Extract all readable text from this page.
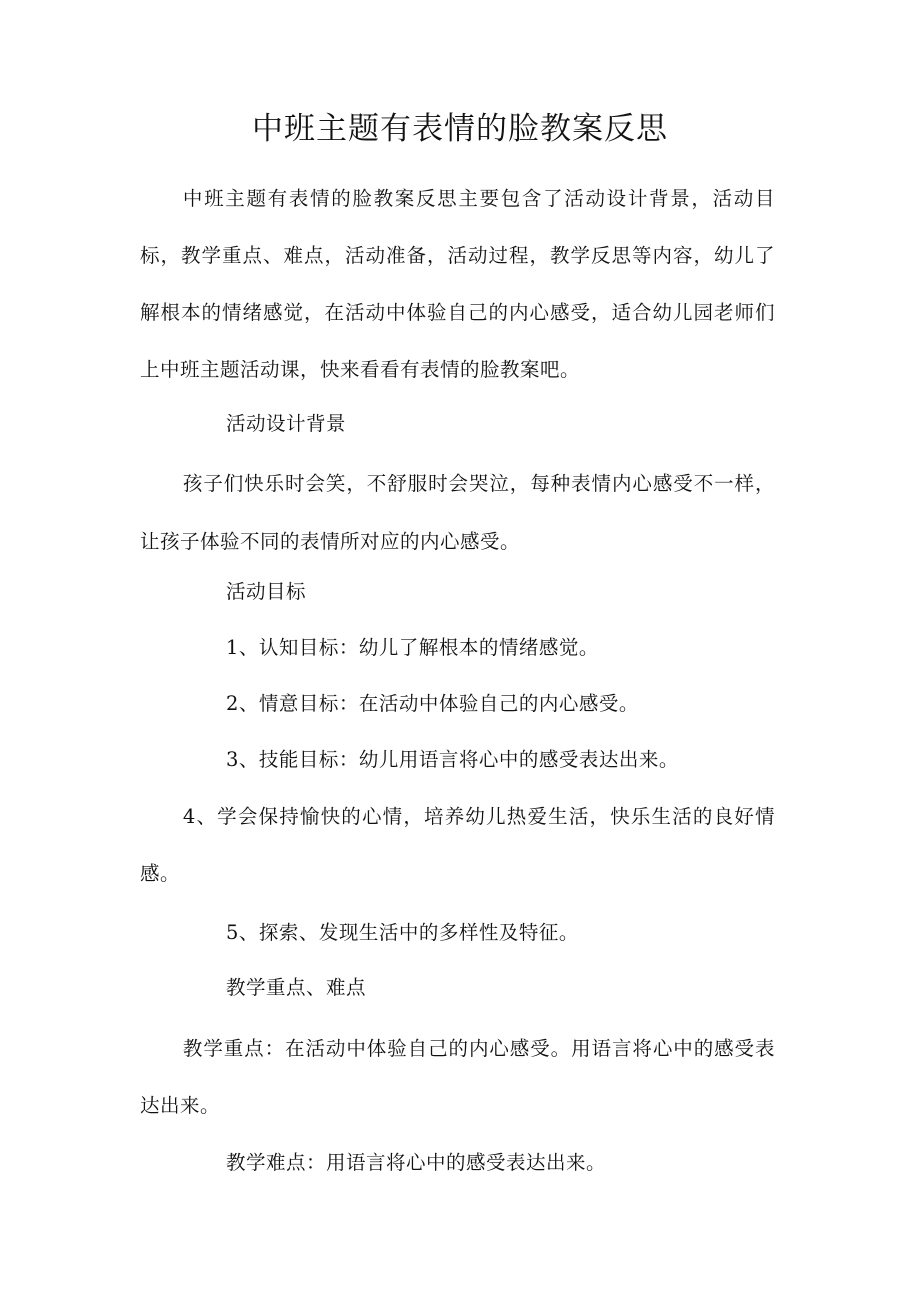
中班主题有表情的脸教案反思

中班主题有表情的脸教案反思主要包含了活动设计背景，活动目标，教学重点、难点，活动准备，活动过程，教学反思等内容，幼儿了解根本的情绪感觉，在活动中体验自己的内心感受，适合幼儿园老师们上中班主题活动课，快来看看有表情的脸教案吧。

活动设计背景

孩子们快乐时会笑，不舒服时会哭泣，每种表情内心感受不一样，让孩子体验不同的表情所对应的内心感受。

活动目标

1、认知目标：幼儿了解根本的情绪感觉。

2、情意目标：在活动中体验自己的内心感受。

3、技能目标：幼儿用语言将心中的感受表达出来。

4、学会保持愉快的心情，培养幼儿热爱生活，快乐生活的良好情感。

5、探索、发现生活中的多样性及特征。

教学重点、难点

教学重点：在活动中体验自己的内心感受。用语言将心中的感受表达出来。

教学难点：用语言将心中的感受表达出来。
